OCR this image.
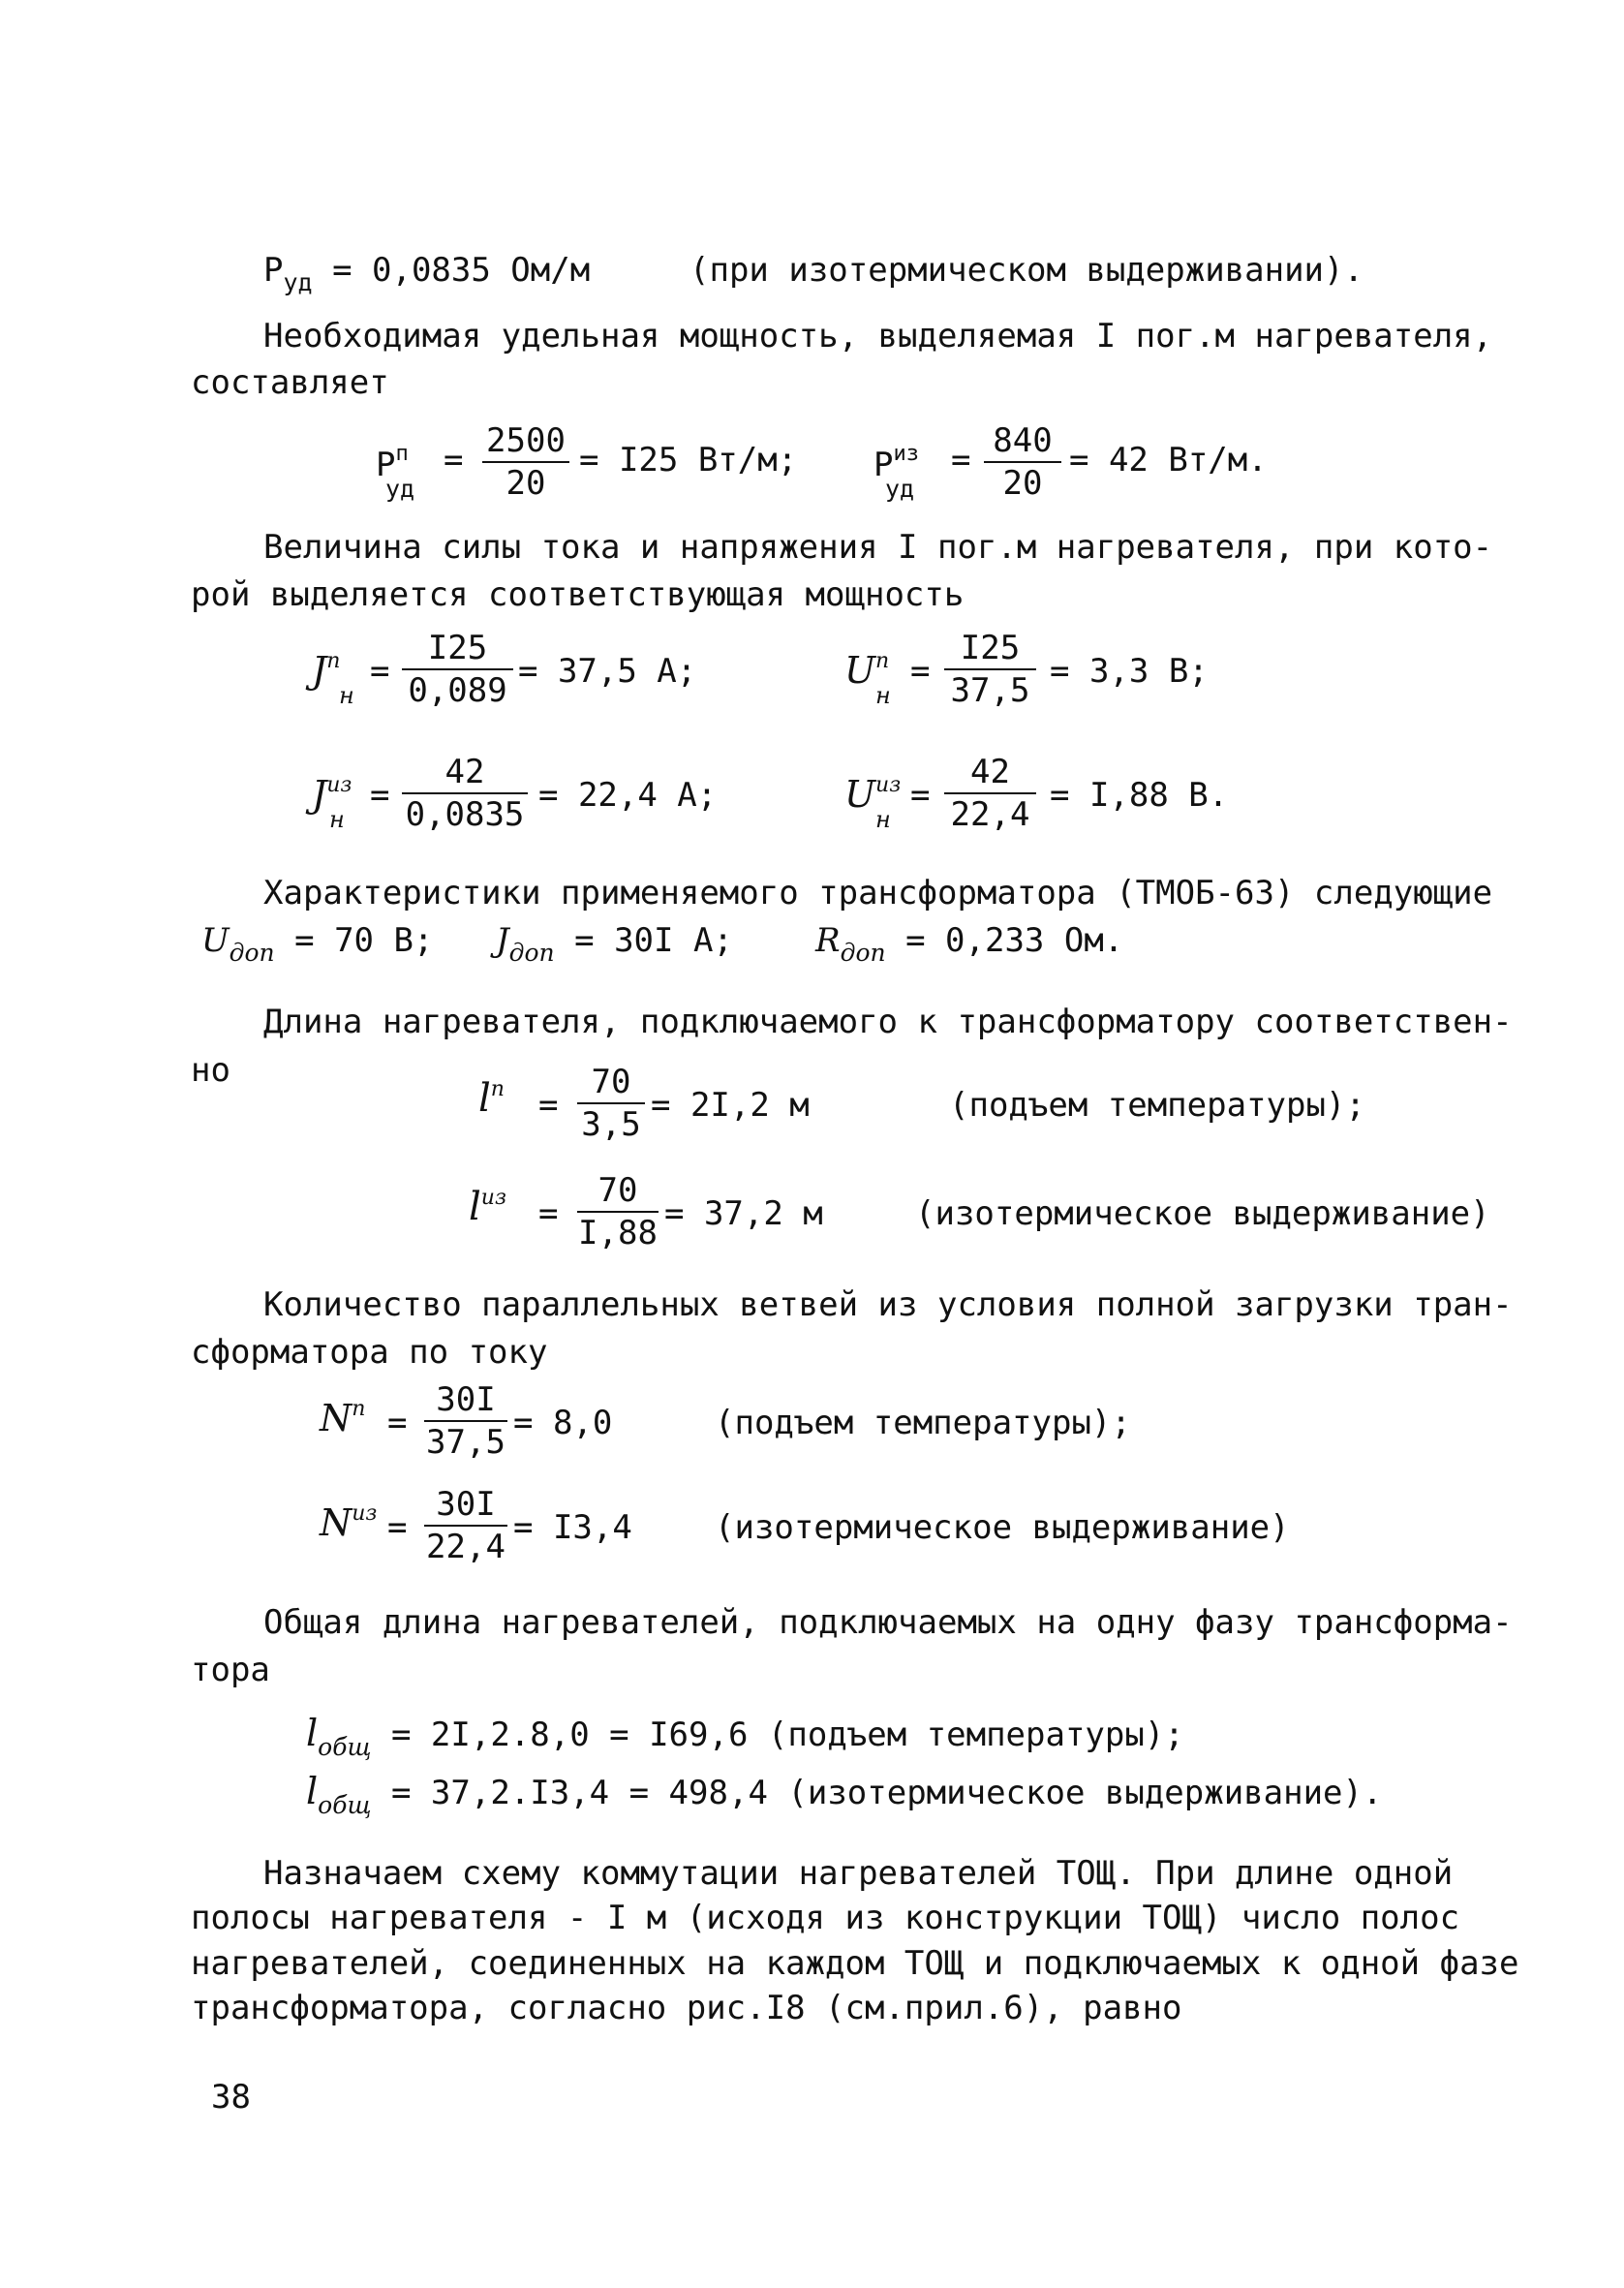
$P_{уд} = 0,0835$ Ом/м	(при изотермическом выдерживании).
Необходимая удельная мощность, выделяемая I пог.м нагревателя,
составляет
$P^п$
уд
= $\frac{2500}{20} = I25$ Вт/м; $P^{из}$
уд
= $\frac{840}{20} = 42$ Вт/м.
Величина силы тока и напряжения I пог.м нагревателя, при кото-
рой выделяется соответствующая мощность
$J^п$
н
= $\frac{I25}{0,089} = 37,5$ А;	$U^п$
н
= $\frac{I25}{37,5} = 3,3$ В;
$J^{из}$
н
= $\frac{42}{0,0835} = 22,4$ А;	$U^{из}$
н
= $\frac{42}{22,4} = I,88$ В.
Характеристики применяемого трансформатора (ТМОБ-63) следующие
$U_{доп} = 70$ В; $J_{доп} = 30I$ А;	$R_{доп} = 0,233$ Ом.
Длина нагревателя, подключаемого к трансформатору соответствен-
но
$l^п = \frac{70}{3,5} = 2I,2$ м	(подъем температуры);
$l^{из} = \frac{70}{I,88} = 37,2$ м	(изотермическое выдерживание)
Количество параллельных ветвей из условия полной загрузки тран-
сформатора по току
$N^п = \frac{30I}{37,5} = 8,0$	(подъем температуры);
$N^{из} = \frac{30I}{22,4} = I3,4$	(изотермическое выдерживание)
Общая длина нагревателей, подключаемых на одну фазу трансформа-
тора
$l_{общ} = 2I,2.8,0 = I69,6$ (подъем температуры);
$l_{общ} = 37,2.I3,4 = 498,4$ (изотермическое выдерживание).
Назначаем схему коммутации нагревателей ТОЩ. При длине одной
полосы нагревателя - I м (исходя из конструкции ТОЩ) число полос
нагревателей, соединенных на каждом ТОЩ и подключаемых к одной фазе
трансформатора, согласно рис.I8 (см.прил.6), равно
38
